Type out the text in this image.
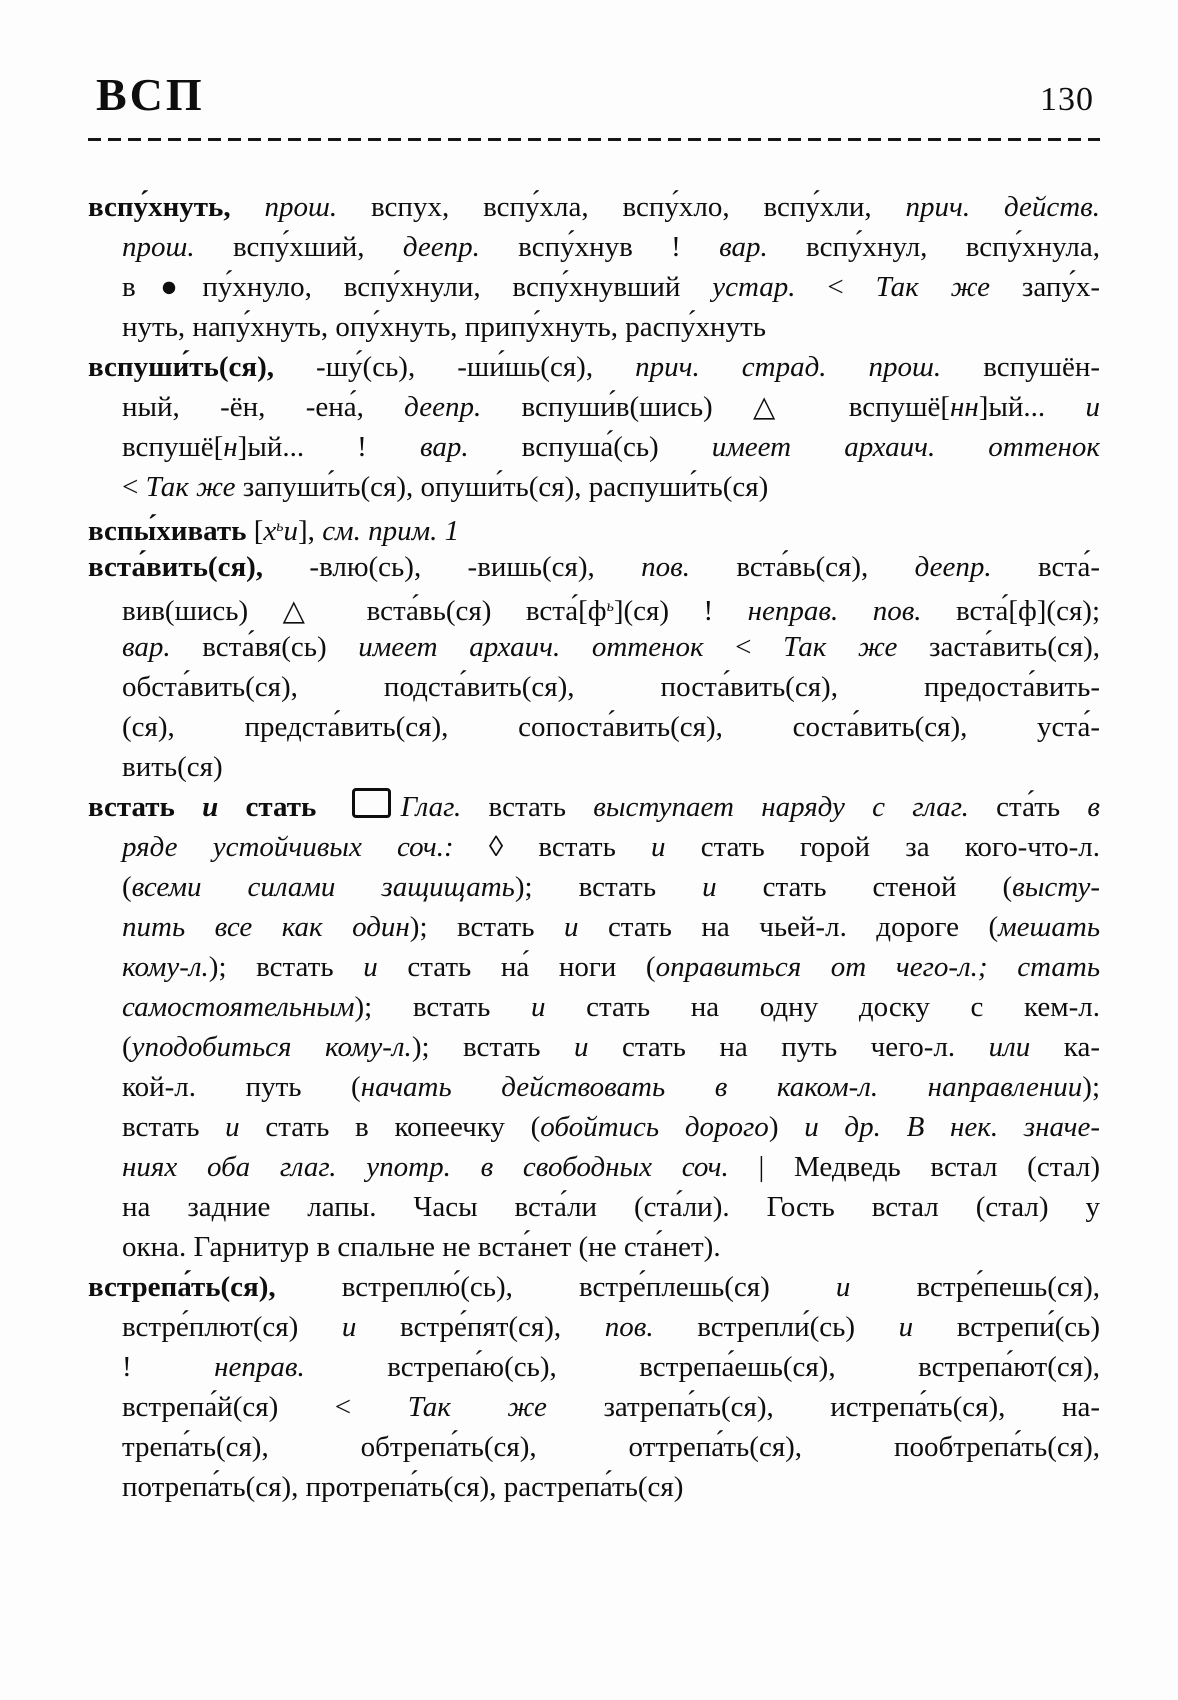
ВСП	130
вспу́хнуть, прош. вспух, вспу́хла, вспу́хло, вспу́хли, прич. действ.
прош. вспу́хший, деепр. вспу́хнув ! вар. вспу́хнул, вспу́хнула,
в●пу́хнуло, вспу́хнули, вспу́хнувший устар. < Так же запу́х-
нуть, напу́хнуть, опу́хнуть, припу́хнуть, распу́хнуть
вспуши́ть(ся), -шу́(сь), -ши́шь(ся), прич. страд. прош. вспушён-
ный, -ён, -ена́, деепр. вспуши́в(шись) △ вспушё[нн]ый... и
вспушё[н]ый... ! вар. вспуша́(сь) имеет архаич. оттенок
< Так же запуши́ть(ся), опуши́ть(ся), распуши́ть(ся)
вспы́хивать $[х^ьи]$, см. прим. 1
вста́вить(ся), -влю(сь), -вишь(ся), пов. вста́вь(ся), деепр. вста́-
вив(шись) △ вста́вь(ся) $вста́[ф^ь](ся)$ ! неправ. пов. вста́[ф](ся);
вар. вста́вя(сь) имеет архаич. оттенок < Так же заста́вить(ся),
обста́вить(ся), подста́вить(ся), поста́вить(ся), предоста́вить-
(ся), предста́вить(ся), сопоста́вить(ся), соста́вить(ся), уста́-
вить(ся)
встать и стать Глаг. встать выступает наряду с глаг. ста́ть в
ряде устойчивых соч.: ◊ встать и стать горой за кого-что-л.
(всеми силами защищать); встать и стать стеной (высту-
пить все как один); встать и стать на чьей-л. дороге (мешать
кому-л.); встать и стать на́ ноги (оправиться от чего-л.; стать
самостоятельным); встать и стать на одну доску с кем-л.
(уподобиться кому-л.); встать и стать на путь чего-л. или ка-
кой-л. путь (начать действовать в каком-л. направлении);
встать и стать в копеечку (обойтись дорого) и др. В нек. значе-
ниях оба глаг. употр. в свободных соч. | Медведь встал (стал)
на задние лапы. Часы вста́ли (ста́ли). Гость встал (стал) у
окна. Гарнитур в спальне не вста́нет (не ста́нет).
встрепа́ть(ся), встреплю́(сь), встре́плешь(ся) и встре́пешь(ся),
встре́плют(ся) и встре́пят(ся), пов. встрепли́(сь) и встрепи́(сь)
! неправ. встрепа́ю(сь), встрепа́ешь(ся), встрепа́ют(ся),
встрепа́й(ся) < Так же затрепа́ть(ся), истрепа́ть(ся), на-
трепа́ть(ся), обтрепа́ть(ся), оттрепа́ть(ся), пообтрепа́ть(ся),
потрепа́ть(ся), протрепа́ть(ся), растрепа́ть(ся)
